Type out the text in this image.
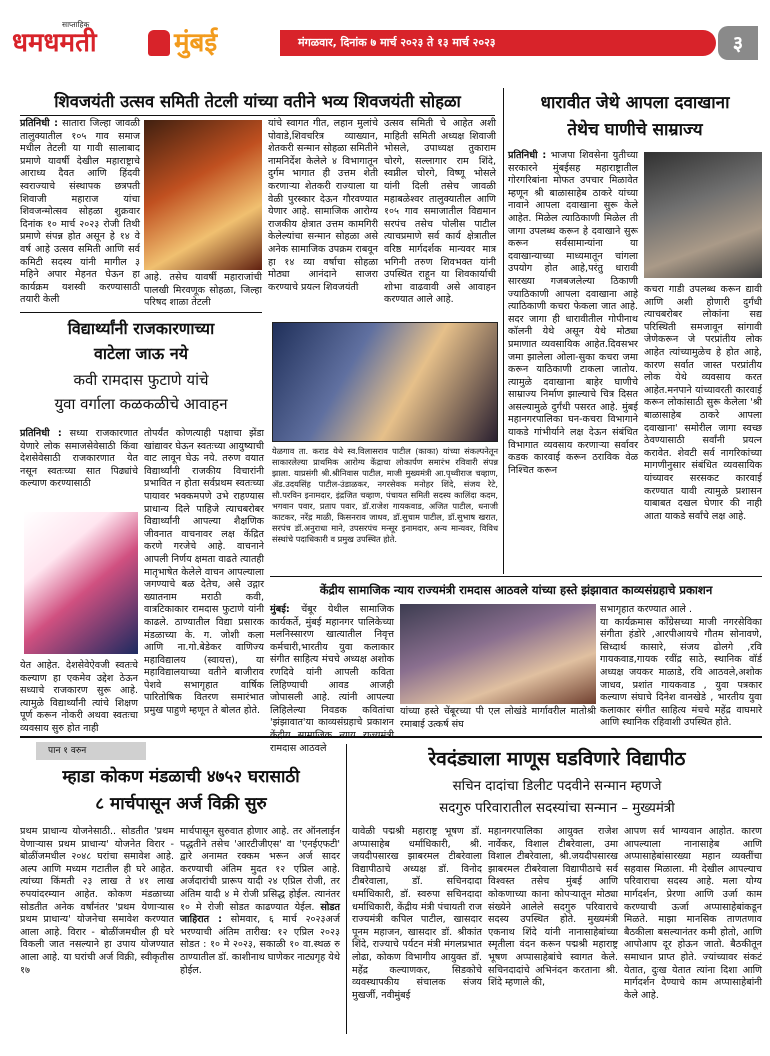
साप्ताहिक
धमधमती	मुंबई	मंगळवार, दिनांक ७ मार्च २०२३ ते १३ मार्च २०२३	३
शिवजयंती उत्सव समिती तेटली यांच्या वतीने भव्य शिवजयंती सोहळा

प्रतिनिधी : सातारा जिल्हा जावळी तालुक्यातील १०५ गाव समाज मधील तेटली या गावी सालाबाद प्रमाणे यावर्षी देखील महाराष्ट्राचे आराध्य दैवत आणि हिंदवी स्वराज्याचे संस्थापक छत्रपती शिवाजी महाराज यांचा शिवजन्मोत्सव सोहळा शुक्रवार दिनांक १० मार्च २०२३ रोजी तिथी प्रमाणे संपन्न होत असून हे १४ वे वर्ष आहे उत्सव समिती आणि सर्व कमिटी सदस्य यांनी मागील ३ महिने अपार मेहनत घेऊन हा कार्यक्रम यशस्वी करण्यासाठी तयारी केली

आहे. तसेच यावर्षी महाराजांची पालखी मिरवणूक सोहळा, जिल्हा परिषद शाळा तेटली

यांचे स्वागत गीत, लहान मुलांचे पोवाडे,शिवचरित्र व्याख्यान, शेतकरी सन्मान सोहळा समितीने नामनिर्देश केलेले ४ विभागातून दुर्गम भागात ही उत्तम शेती करणाऱ्या शेतकरी राज्याला या वेळी पुरस्कार देऊन गौरवण्यात येणार आहे. सामाजिक आरोग्य राजकीय क्षेत्रात उत्तम कामगिरी केलेल्यांचा सन्मान सोहळा असे अनेक सामाजिक उपक्रम राबवून हा १४ व्या वर्षाचा सोहळा मोठ्या आनंदाने साजरा करण्याचे प्रयत्न शिवजयंती

उत्सव समिती चे आहेत अशी माहिती समिती अध्यक्ष शिवाजी भोसले, उपाध्यक्ष तुकाराम चोरगे, सल्लागार राम शिंदे, स्वप्नील चोरगे, विष्णू भोसले यांनी दिली तसेच जावळी महाबळेश्वर तालुक्यातील आणि १०५ गाव समाजातील विद्यमान सरपंच तसेच पोलीस पाटील त्याचप्रमाणे सर्व कार्य क्षेत्रातील वरिष्ठ मार्गदर्शक मान्यवर मात्र भगिनी तरुण शिवभक्त यांनी उपस्थित राहून या शिवकार्याची शोभा वाढवावी असे आवाहन करण्यात आले आहे.

धारावीत जेथे आपला दवाखाना
तेथेच घाणीचे साम्राज्य

प्रतिनिधी : भाजपा शिवसेना युतीच्या सरकारने मुंबईसह महाराष्ट्रातील गोरगरिबांना मोफत उपचार मिळावेत म्हणून श्री बाळासाहेब ठाकरे यांच्या नावाने आपला दवाखाना सुरू केले आहेत. मिळेल त्याठिकाणी मिळेल ती जागा उपलब्ध करून हे दवाखाने सुरू करून सर्वसामान्यांना या दवाखान्याच्या माध्यमातून चांगला उपयोग होत आहे,परंतु धारावी सारख्या गजबजलेल्या ठिकाणी ज्याठिकाणी आपला दवाखाना आहे त्याठिकाणी कचरा फेकला जात आहे. सदर जागा ही धारावीतील गोपीनाथ कॉलनी येथे असून येथे मोठ्या प्रमाणात व्यवसायिक आहेत.दिवसभर जमा झालेला ओला-सुका कचरा जमा करून याठिकाणी टाकला जातोय. त्यामुळे दवाखाना बाहेर घाणीचे साम्राज्य निर्माण झाल्याचे चित्र दिसत असल्यामुळे दुर्गंधी पसरत आहे. मुंबई महानगरपालिका घन-कचरा विभागाने याकडे गांभीर्याने लक्ष देऊन संबंधित विभागात व्यवसाय करणाऱ्या सर्वावर कडक कारवाई करून ठराविक वेळ निश्चित करून

कचरा गाडी उपलब्ध करून द्यावी आणि अशी होणारी दुर्गंधी त्याचबरोबर लोकांना सद्य परिस्थिती समजावून सांगावी जेणेकरून जे परप्रांतीय लोक आहेत त्यांच्यामुळेच हे होत आहे, कारण सर्वात जास्त परप्रांतीय लोक येथे व्यवसाय करत आहेत.मनपाने यांच्यावरती कारवाई करून लोकांसाठी सुरू केलेला 'श्री बाळासाहेब ठाकरे आपला दवाखाना' समोरील जागा स्वच्छ ठेवण्यासाठी सर्वांनी प्रयत्न करावेत. शेवटी सर्व नागरिकांच्या मागणीनुसार संबंधित व्यवसायिक यांच्यावर सरसकट कारवाई करण्यात यावी त्यामुळे प्रशासन याबाबत दखल घेणार की नाही आता याकडे सर्वांचे लक्ष आहे.

विद्यार्थ्यांनी राजकारणाच्या
वाटेला जाऊ नये
कवी रामदास फुटाणे यांचे
युवा वर्गाला कळकळीचे आवाहन

प्रतिनिधी : सध्या राजकारणात येणारे लोक समाजसेवेसाठी किंवा देशसेवेसाठी राजकारणात येत नसून स्वतःच्या सात पिढ्यांचे कल्याण करण्यासाठी

येत आहेत. देशसेवेऐवजी स्वतःचे कल्याण हा एकमेव उद्देश ठेऊन सध्याचे राजकारण सुरू आहे. त्यामुळे विद्यार्थ्यांनी त्यांचे शिक्षण पूर्ण करून नोकरी अथवा स्वतःचा व्यवसाय सुरु होत नाही

तोपर्यंत कोणत्याही पक्षाचा झेंडा खांद्यावर घेऊन स्वतःच्या आयुष्याची वाट लावून घेऊ नये. तरुण वयात विद्यार्थ्यांनी राजकीय विचारांनी प्रभावित न होता सर्वप्रथम स्वतःच्या पायावर भक्कमपणे उभे राहण्यास प्राधान्य दिले पाहिजे त्याचबरोबर विद्यार्थ्यांनी आपल्या शैक्षणिक जीवनात वाचनावर लक्ष केंद्रित करणे गरजेचे आहे. वाचनाने आपली निर्णय क्षमता वाढते त्यातही मातृभाषेत केलेले वाचन आपल्याला जगण्याचे बळ देतेच, असे उद्गार ख्यातनाम मराठी कवी, वात्रटिकाकार रामदास फुटाणे यांनी काढले. ठाण्यातील विद्या प्रसारक मंडळाच्या के. ग. जोशी कला आणि ना.गो.बेडेकर वाणिज्य महाविद्यालय (स्वायत्त), या महाविद्यालयाच्या वतीने बाजीराव पेशवे सभागृहात वार्षिक पारितोषिक वितरण समारंभात प्रमुख पाहुणे म्हणून ते बोलत होते.

येळगाव ता. कराड येथे स्व.विलासराव पाटील (काका) यांच्या संकल्पनेतून साकारलेल्या प्राथमिक आरोग्य केंद्राचा लोकार्पण समारंभ रविवारी संपन्न झाला. याप्रसंगी श्री.श्रीनिवास पाटील, माजी मुख्यमंत्री आ.पृथ्वीराज चव्हाण, ॲड.उदयसिंह पाटील-उंडाळकर, नगरसेवक मनोहर शिंदे, संजय रेटे, सौ.परविन इनामदार, इंद्रजित चव्हाण, पंचायत समिती सदस्य कालिंदा कदम, भगवान पवार, प्रताप पवार, डॉ.राजेश गायकवाड, अजित पाटील, धनाजी काटकर, नरेंद्र माळी, किसनराव जाधव, डॉ.सुचाम पाटील, डॉ.सुभाष खरात, सरपंच डॉ.अनुराधा माने, उपसरपंच मन्सूर इनामदार, अन्य मान्यवर, विविध संस्थांचे पदाधिकारी व प्रमुख उपस्थित होते.
केंद्रीय सामाजिक न्याय राज्यमंत्री रामदास आठवले यांच्या हस्ते झंझावात काव्यसंग्रहाचे प्रकाशन

मुंबई: चेंबूर येथील सामाजिक कार्यकर्ते, मुंबई महानगर पालिकेच्या मलनिस्सारण खात्यातील निवृत्त कर्मचारी,भारतीय युवा कलाकार संगीत साहित्य मंचचे अध्यक्ष अशोक रणदिवे यांनी आपली कविता लिहिण्याची आवड आजही जोपासली आहे. त्यांनी आपल्या लिहिलेल्या निवडक कवितांचा 'झंझावात'या काव्यसंग्रहाचे प्रकाशन रामदास आठवले

यांच्या हस्ते चेंबूरच्या पी एल लोखंडे मार्गावरील मातोश्री रमाबाई उत्कर्ष संघ

सभागृहात करण्यात आले .
या कार्यक्रमास काँग्रेसच्या माजी नगरसेविका संगीता हंडोरे ,आरपीआयचे गौतम सोनावणे, सिध्दार्थ कासारे, संजय ढोलगे ,रवि गायकवाड,गायक रवींद्र साठे, स्थानिक वॉर्ड अध्यक्ष जयकर माळाडे, रवि आठवले,अशोक जाधव, प्रशांत गायकवाड , युवा पत्रकार कल्याण संघाचे दिनेश वानखेडे , भारतीय युवा कलाकार संगीत साहित्य मंचचे महेंद्र वाघमारे आणि स्थानिक रहिवाशी उपस्थित होते.

पान १ वरुन
म्हाडा कोकण मंडळाची ४७५२ घरासाठी
८ मार्चपासून अर्ज विक्री सुरु

प्रथम प्राधान्य योजनेसाठी.. सोडतीत 'प्रथम येणाऱ्यास प्रथम प्राधान्य' योजनेत विरार - बोळींजमधील २०४८ घरांचा समावेश आहे. अल्प आणि मध्यम गटातील ही घरे आहेत. त्यांच्या किंमती २३ लाख ते ४१ लाख रुपयांदरम्यान आहेत. कोकण मंडळाच्या सोडतीत अनेक वर्षांनंतर 'प्रथम येणाऱ्यास प्रथम प्राधान्य' योजनेचा समावेश करण्यात आला आहे. विरार - बोळींजमधील ही घरे विकली जात नसल्याने हा उपाय योजण्यात आला आहे. या घरांची अर्ज विक्री, स्वीकृतीस १७

मार्चपासून सुरुवात होणार आहे. तर ऑनलाईन पद्धतीने तसेच 'आरटीजीएस' वा 'एनईएफटी' द्वारे अनामत रक्कम भरून अर्ज सादर करण्याची अंतिम मुदत १२ एप्रिल आहे. अर्जदारांची प्रारूप यादी २४ एप्रिल रोजी, तर अंतिम यादी ४ मे रोजी प्रसिद्ध होईल. त्यानंतर १० मे रोजी सोडत काढण्यात येईल. सोडत जाहिरात : सोमवार, ६ मार्च २०२३अर्ज भरण्याची अंतिम तारीख: १२ एप्रिल २०२३ सोडत : १० मे २०२३, सकाळी १० वा.स्थळ रु ठाण्यातील डॉ. काशीनाथ घाणेकर नाट्यगृह येथे होईल.

रेवदंड्याला माणूस घडविणारे विद्यापीठ
सचिन दादांचा डिलीट पदवीने सन्मान म्हणजे
सदगुरु परिवारातील सदस्यांचा सन्मान – मुख्यमंत्री

यावेळी पद्मश्री महाराष्ट्र भूषण डॉ. अप्पासाहेब धर्माधिकारी, श्री. जयदीपसारख झाबरमल टीबरेवाला विद्यापीठाचे अध्यक्ष डॉ. विनोद टीबरेवाला, डॉ. सचिनदादा धर्माधिकारी, डॉ. स्वरुपा सचिनदादा धर्माधिकारी, केंद्रीय मंत्री पंचायती राज राज्यमंत्री कपिल पाटील, खासदार पूनम महाजन, खासदार डॉ. श्रीकांत शिंदे, राज्याचे पर्यटन मंत्री मंगलप्रभात लोढा, कोकण विभागीय आयुक्त डॉ. महेंद्र कल्याणकर, सिडकोचे व्यवस्थापकीय संचालक संजय मुखर्जी, नवीमुंबई

महानगरपालिका आयुक्त राजेश नार्वेकर, विशाल टीबरेवाला, उमा विशाल टीबरेवाला, श्री.जयदीपसारख झाबरमल टीबरेवाला विद्यापीठाचे सर्व विश्वस्त तसेच मुंबई आणि कोकणाच्या काना कोपऱ्यातून मोठ्या संख्येने आलेले सदगुरु परिवाराचे सदस्य उपस्थित होते. मुख्यमंत्री एकनाथ शिंदे यांनी नानासाहेबांच्या स्मृतीला वंदन करून पद्मश्री महाराष्ट्र भूषण अप्पासाहेबांचे स्वागत केले. सचिनदादांचे अभिनंदन करताना श्री. शिंदे म्हणाले की,

आपण सर्व भाग्यवान आहोत. कारण आपल्याला नानासाहेब आणि अप्पासाहेबांसारख्या महान व्यक्तींचा सहवास मिळाला. मी देखील आपल्याच परिवाराचा सदस्य आहे. मला योग्य मार्गदर्शन, प्रेरणा आणि उर्जा काम करण्याची ऊर्जा अप्पासाहेबांकडून मिळते. माझा मानसिक ताणतणाव बैठकीला बसल्यानंतर कमी होतो, आणि आपोआप दूर होऊन जातो. बैठकीतून समाधान प्राप्त होते. ज्यांच्यावर संकटं येतात, दुःख येतात त्यांना दिशा आणि मार्गदर्शन देण्याचे काम अप्पासाहेबांनी केले आहे.
